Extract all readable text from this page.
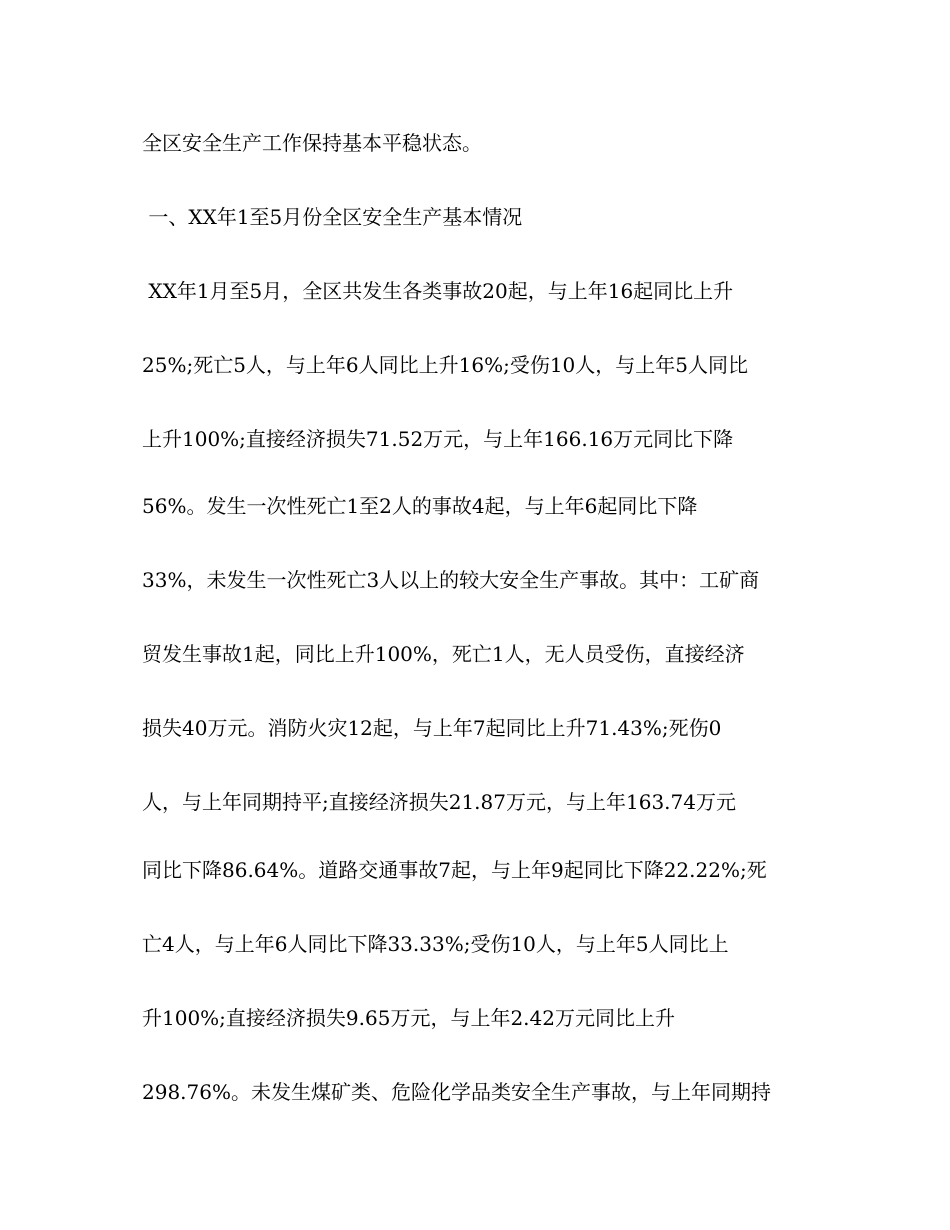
全区安全生产工作保持基本平稳状态。
一、XX年1至5月份全区安全生产基本情况
XX年1月至5月，全区共发生各类事故20起，与上年16起同比上升
25%;死亡5人，与上年6人同比上升16%;受伤10人，与上年5人同比
上升100%;直接经济损失71.52万元，与上年166.16万元同比下降
56%。发生一次性死亡1至2人的事故4起，与上年6起同比下降
33%，未发生一次性死亡3人以上的较大安全生产事故。其中：工矿商
贸发生事故1起，同比上升100%，死亡1人，无人员受伤，直接经济
损失40万元。消防火灾12起，与上年7起同比上升71.43%;死伤0
人，与上年同期持平;直接经济损失21.87万元，与上年163.74万元
同比下降86.64%。道路交通事故7起，与上年9起同比下降22.22%;死
亡4人，与上年6人同比下降33.33%;受伤10人，与上年5人同比上
升100%;直接经济损失9.65万元，与上年2.42万元同比上升
298.76%。未发生煤矿类、危险化学品类安全生产事故，与上年同期持
